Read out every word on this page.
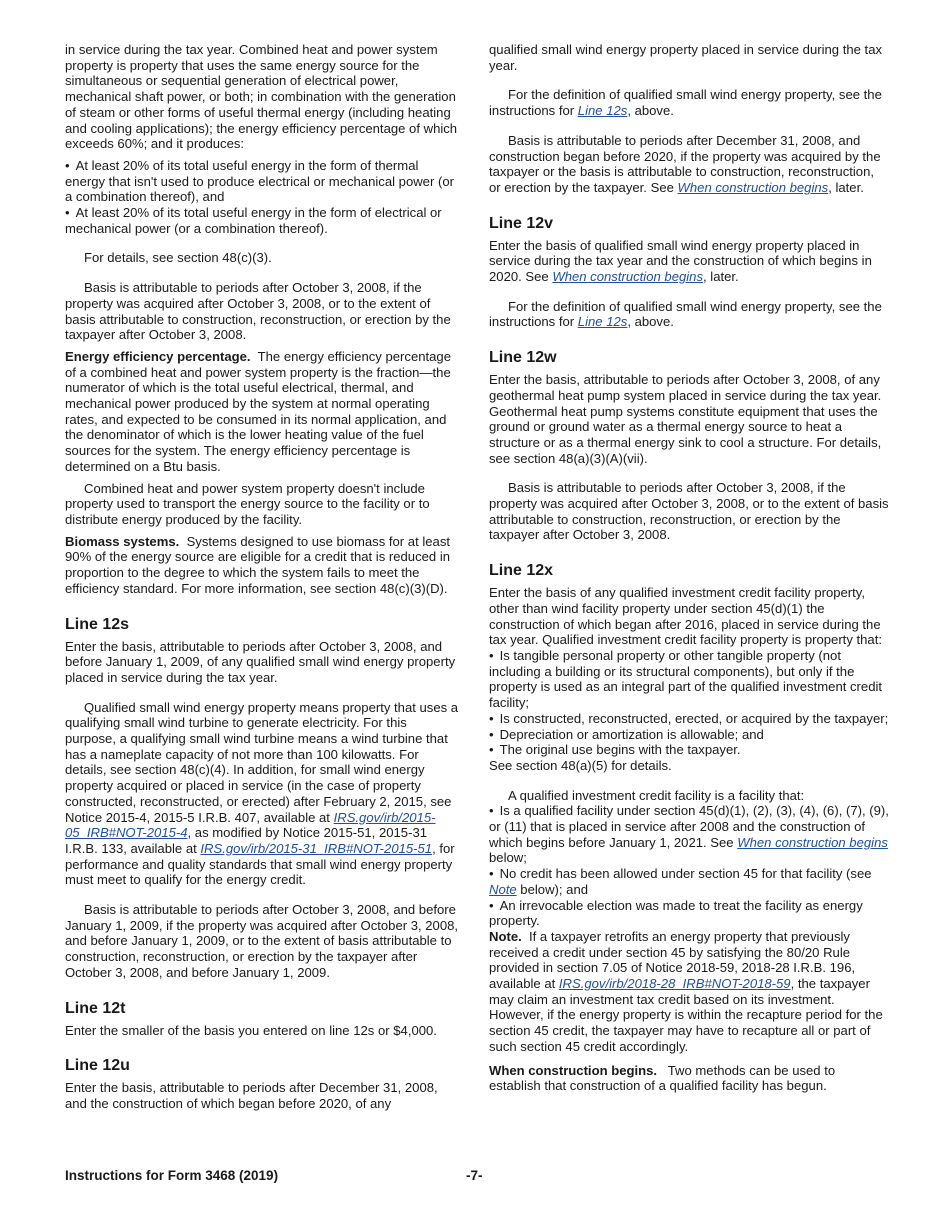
in service during the tax year. Combined heat and power system property is property that uses the same energy source for the simultaneous or sequential generation of electrical power, mechanical shaft power, or both; in combination with the generation of steam or other forms of useful thermal energy (including heating and cooling applications); the energy efficiency percentage of which exceeds 60%; and it produces:

• At least 20% of its total useful energy in the form of thermal energy that isn't used to produce electrical or mechanical power (or a combination thereof), and

• At least 20% of its total useful energy in the form of electrical or mechanical power (or a combination thereof).

For details, see section 48(c)(3).

Basis is attributable to periods after October 3, 2008, if the property was acquired after October 3, 2008, or to the extent of basis attributable to construction, reconstruction, or erection by the taxpayer after October 3, 2008.

Energy efficiency percentage. The energy efficiency percentage of a combined heat and power system property is the fraction—the numerator of which is the total useful electrical, thermal, and mechanical power produced by the system at normal operating rates, and expected to be consumed in its normal application, and the denominator of which is the lower heating value of the fuel sources for the system. The energy efficiency percentage is determined on a Btu basis.

Combined heat and power system property doesn't include property used to transport the energy source to the facility or to distribute energy produced by the facility.

Biomass systems. Systems designed to use biomass for at least 90% of the energy source are eligible for a credit that is reduced in proportion to the degree to which the system fails to meet the efficiency standard. For more information, see section 48(c)(3)(D).

Line 12s

Enter the basis, attributable to periods after October 3, 2008, and before January 1, 2009, of any qualified small wind energy property placed in service during the tax year.

Qualified small wind energy property means property that uses a qualifying small wind turbine to generate electricity. For this purpose, a qualifying small wind turbine means a wind turbine that has a nameplate capacity of not more than 100 kilowatts. For details, see section 48(c)(4). In addition, for small wind energy property acquired or placed in service (in the case of property constructed, reconstructed, or erected) after February 2, 2015, see Notice 2015-4, 2015-5 I.R.B. 407, available at IRS.gov/irb/2015-05_IRB#NOT-2015-4, as modified by Notice 2015-51, 2015-31 I.R.B. 133, available at IRS.gov/irb/2015-31_IRB#NOT-2015-51, for performance and quality standards that small wind energy property must meet to qualify for the energy credit.

Basis is attributable to periods after October 3, 2008, and before January 1, 2009, if the property was acquired after October 3, 2008, and before January 1, 2009, or to the extent of basis attributable to construction, reconstruction, or erection by the taxpayer after October 3, 2008, and before January 1, 2009.

Line 12t

Enter the smaller of the basis you entered on line 12s or $4,000.

Line 12u

Enter the basis, attributable to periods after December 31, 2008, and the construction of which began before 2020, of any

qualified small wind energy property placed in service during the tax year.

For the definition of qualified small wind energy property, see the instructions for Line 12s, above.

Basis is attributable to periods after December 31, 2008, and construction began before 2020, if the property was acquired by the taxpayer or the basis is attributable to construction, reconstruction, or erection by the taxpayer. See When construction begins, later.

Line 12v

Enter the basis of qualified small wind energy property placed in service during the tax year and the construction of which begins in 2020. See When construction begins, later.

For the definition of qualified small wind energy property, see the instructions for Line 12s, above.

Line 12w

Enter the basis, attributable to periods after October 3, 2008, of any geothermal heat pump system placed in service during the tax year. Geothermal heat pump systems constitute equipment that uses the ground or ground water as a thermal energy source to heat a structure or as a thermal energy sink to cool a structure. For details, see section 48(a)(3)(A)(vii).

Basis is attributable to periods after October 3, 2008, if the property was acquired after October 3, 2008, or to the extent of basis attributable to construction, reconstruction, or erection by the taxpayer after October 3, 2008.

Line 12x

Enter the basis of any qualified investment credit facility property, other than wind facility property under section 45(d)(1) the construction of which began after 2016, placed in service during the tax year. Qualified investment credit facility property is property that:

• Is tangible personal property or other tangible property (not including a building or its structural components), but only if the property is used as an integral part of the qualified investment credit facility;

• Is constructed, reconstructed, erected, or acquired by the taxpayer;

• Depreciation or amortization is allowable; and

• The original use begins with the taxpayer.

See section 48(a)(5) for details.

A qualified investment credit facility is a facility that:

• Is a qualified facility under section 45(d)(1), (2), (3), (4), (6), (7), (9), or (11) that is placed in service after 2008 and the construction of which begins before January 1, 2021. See When construction begins below;

• No credit has been allowed under section 45 for that facility (see Note below); and

• An irrevocable election was made to treat the facility as energy property.

Note. If a taxpayer retrofits an energy property that previously received a credit under section 45 by satisfying the 80/20 Rule provided in section 7.05 of Notice 2018-59, 2018-28 I.R.B. 196, available at IRS.gov/irb/2018-28_IRB#NOT-2018-59, the taxpayer may claim an investment tax credit based on its investment. However, if the energy property is within the recapture period for the section 45 credit, the taxpayer may have to recapture all or part of such section 45 credit accordingly.

When construction begins. Two methods can be used to establish that construction of a qualified facility has begun.

Instructions for Form 3468 (2019)	-7-
